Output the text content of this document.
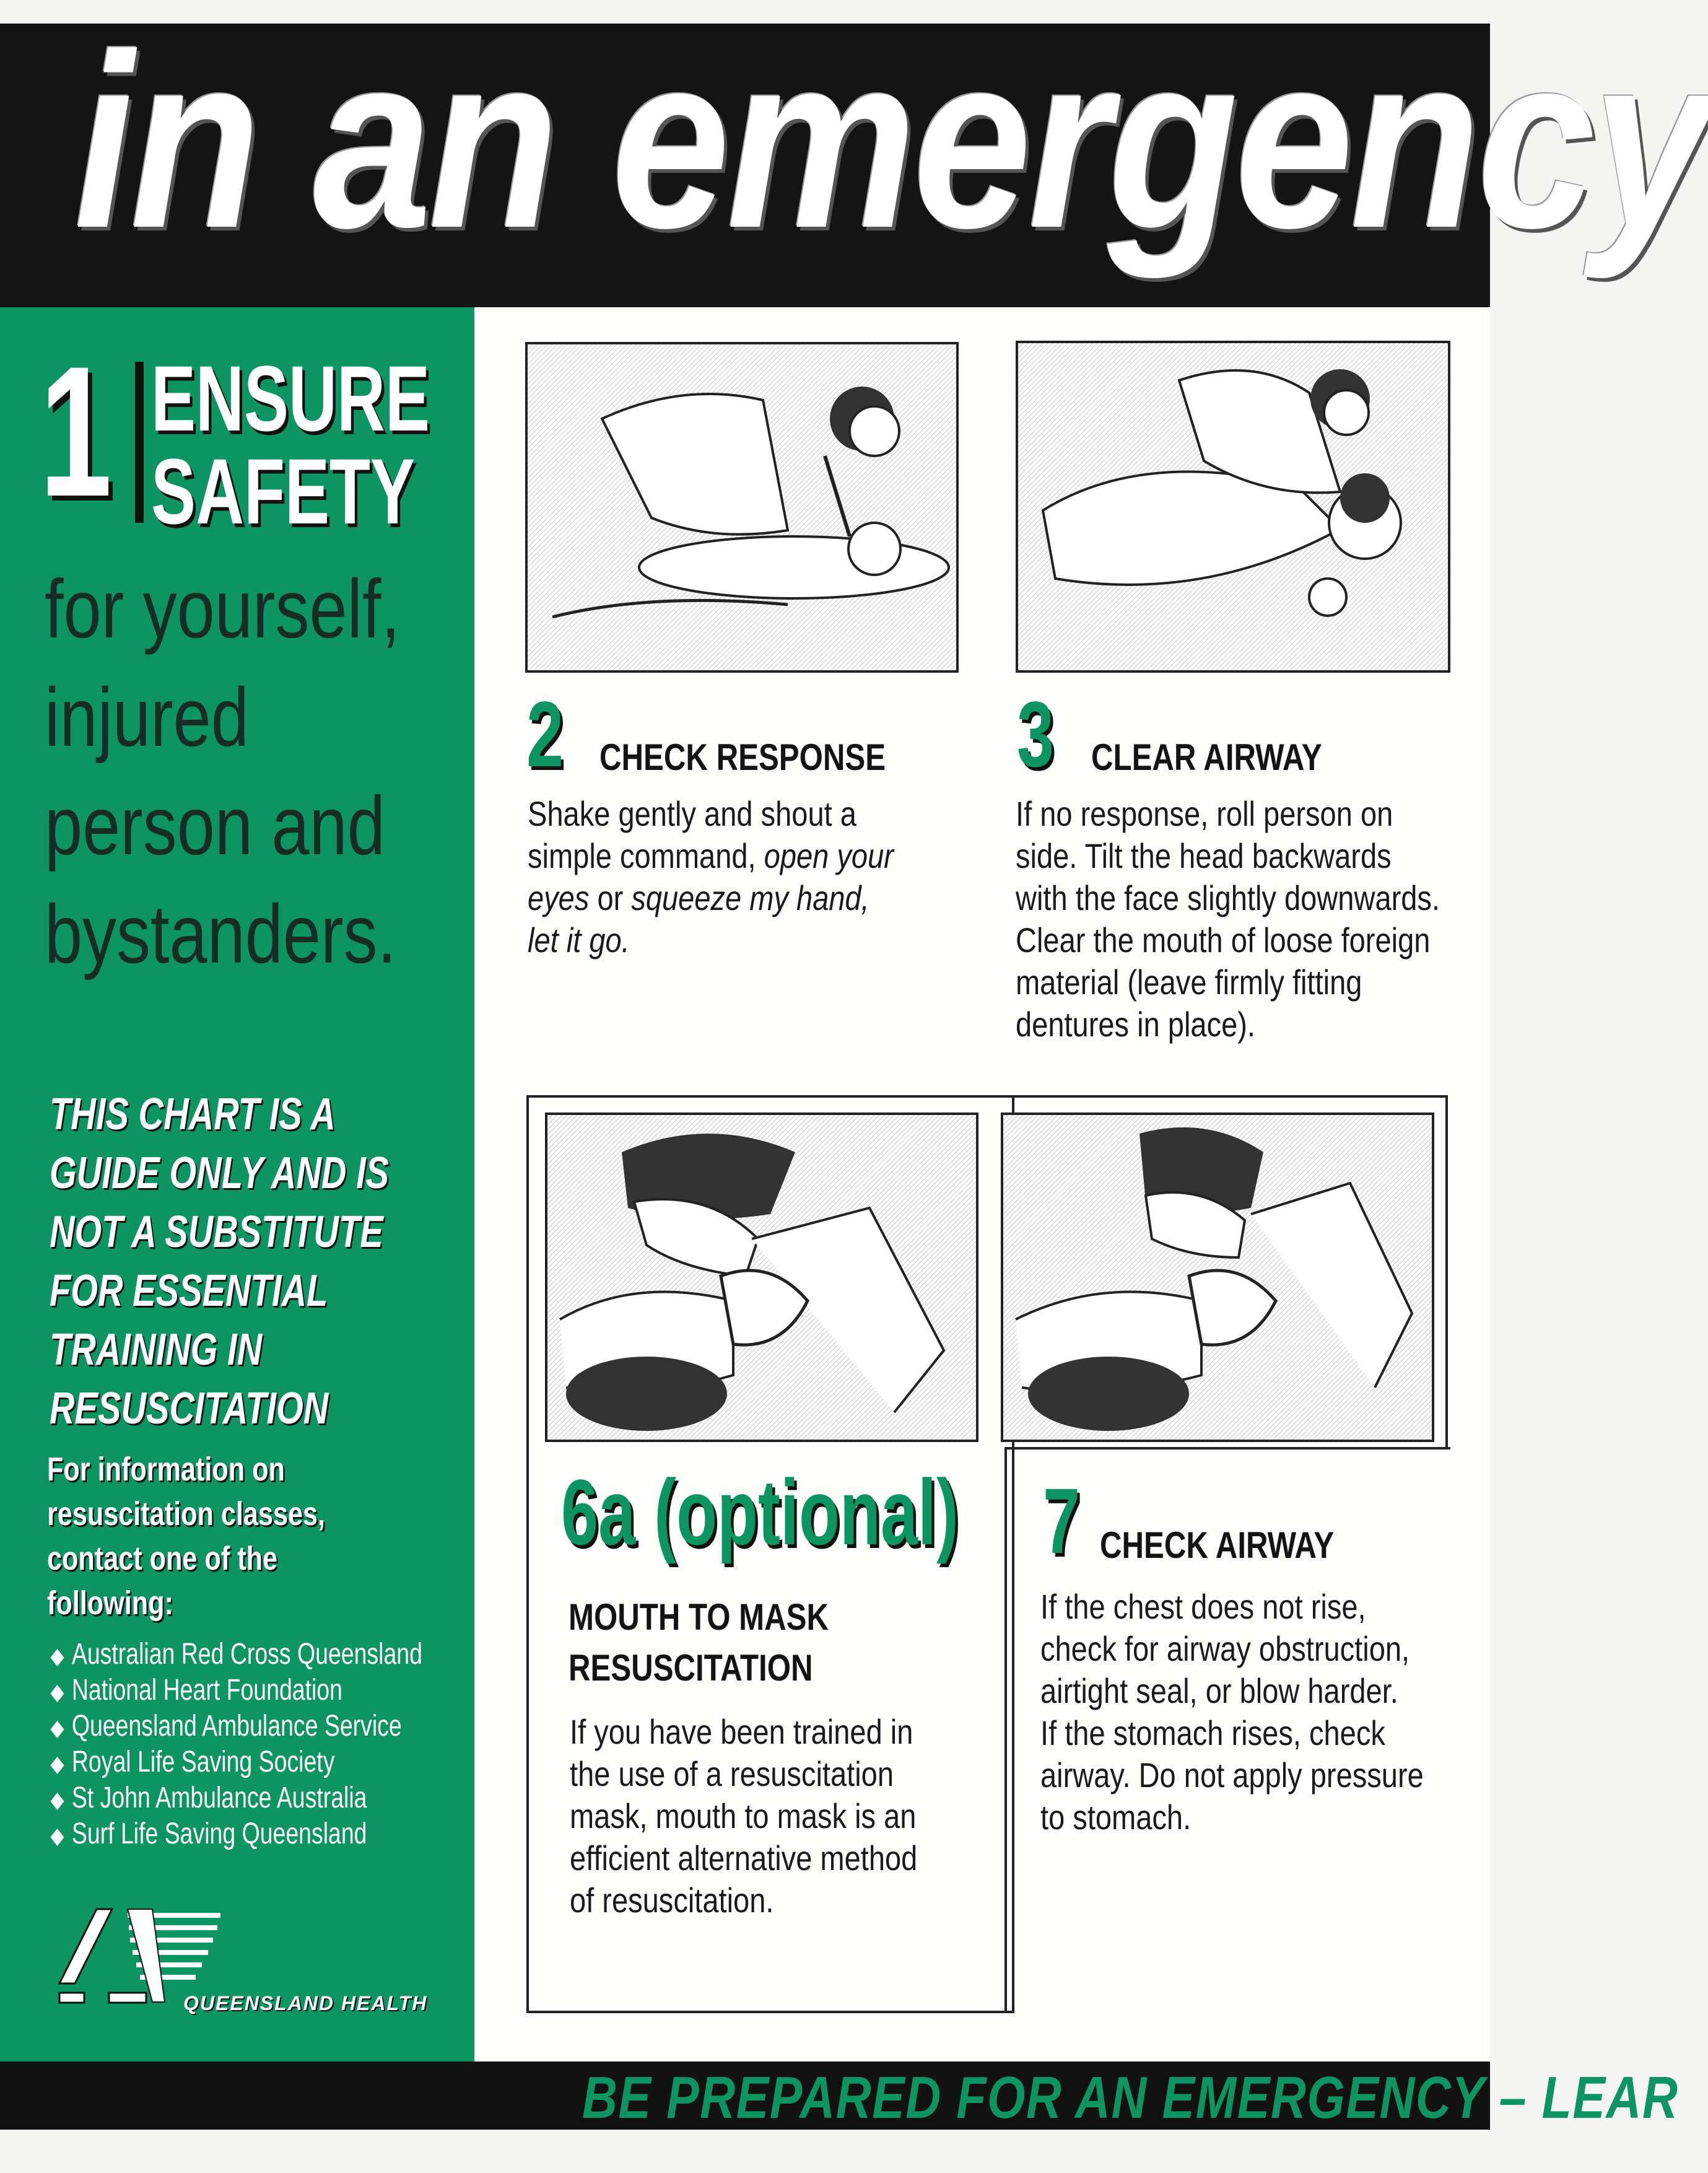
in an emergency
1 ENSURE
SAFETY
for yourself,
injured
person and
bystanders.
THIS CHART IS A
GUIDE ONLY AND IS
NOT A SUBSTITUTE
FOR ESSENTIAL
TRAINING IN
RESUSCITATION
For information on
resuscitation classes,
contact one of the
following:
Australian Red Cross Queensland
National Heart Foundation
Queensland Ambulance Service
Royal Life Saving Society
St John Ambulance Australia
Surf Life Saving Queensland
QUEENSLAND HEALTH
2 CHECK RESPONSE
Shake gently and shout a
simple command, open your
eyes or squeeze my hand,
let it go.
3 CLEAR AIRWAY
If no response, roll person on
side. Tilt the head backwards
with the face slightly downwards.
Clear the mouth of loose foreign
material (leave firmly fitting
dentures in place).
6a (optional)
MOUTH TO MASK
RESUSCITATION
If you have been trained in
the use of a resuscitation
mask, mouth to mask is an
efficient alternative method
of resuscitation.
7 CHECK AIRWAY
If the chest does not rise,
check for airway obstruction,
airtight seal, or blow harder.
If the stomach rises, check
airway. Do not apply pressure
to stomach.
BE PREPARED FOR AN EMERGENCY – LEAR
